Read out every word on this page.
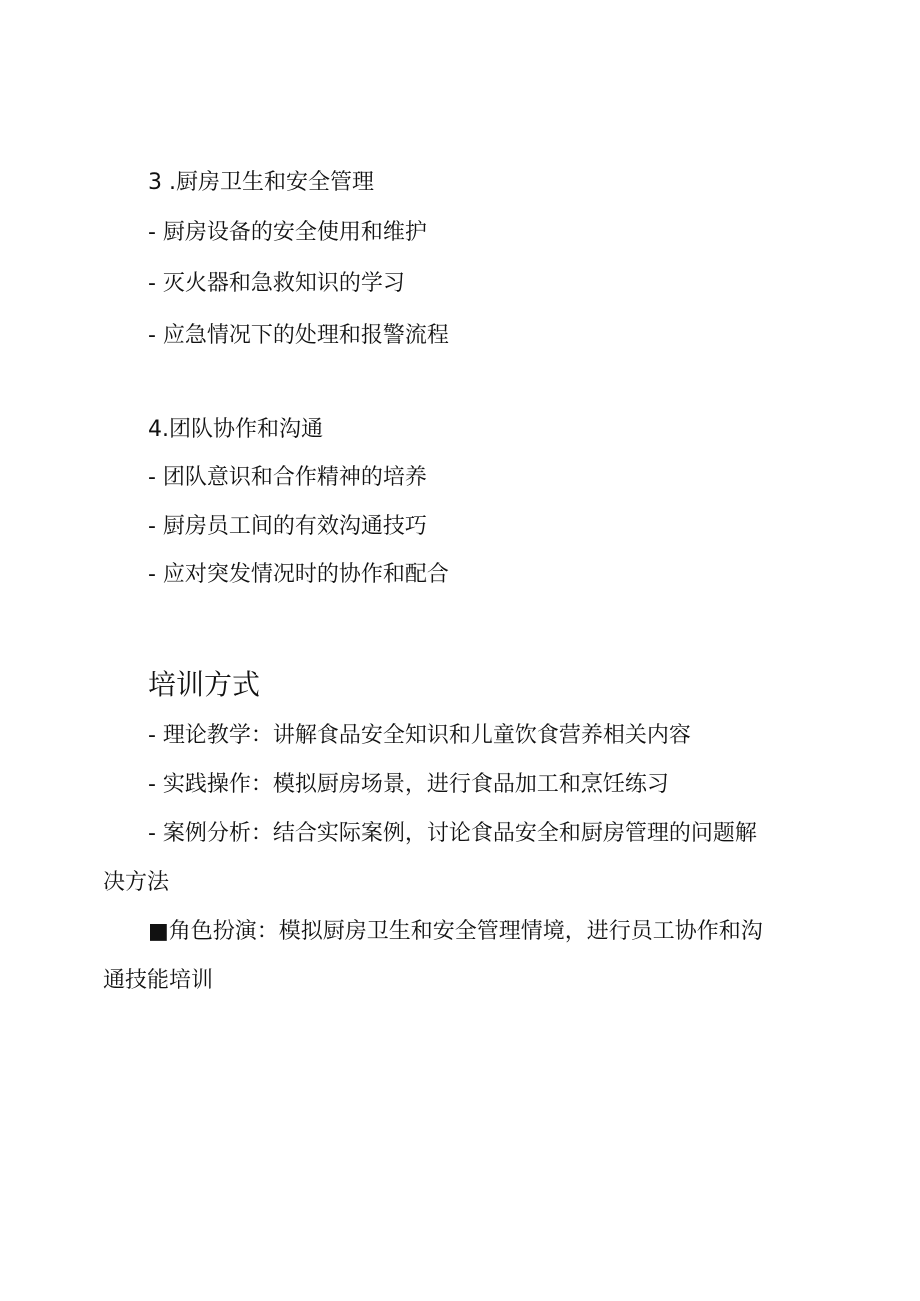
3 .厨房卫生和安全管理
- 厨房设备的安全使用和维护
- 灭火器和急救知识的学习
- 应急情况下的处理和报警流程
4.团队协作和沟通
- 团队意识和合作精神的培养
- 厨房员工间的有效沟通技巧
- 应对突发情况时的协作和配合
培训方式
- 理论教学：讲解食品安全知识和儿童饮食营养相关内容
- 实践操作：模拟厨房场景，进行食品加工和烹饪练习
- 案例分析：结合实际案例，讨论食品安全和厨房管理的问题解
决方法
■角色扮演：模拟厨房卫生和安全管理情境，进行员工协作和沟
通技能培训
